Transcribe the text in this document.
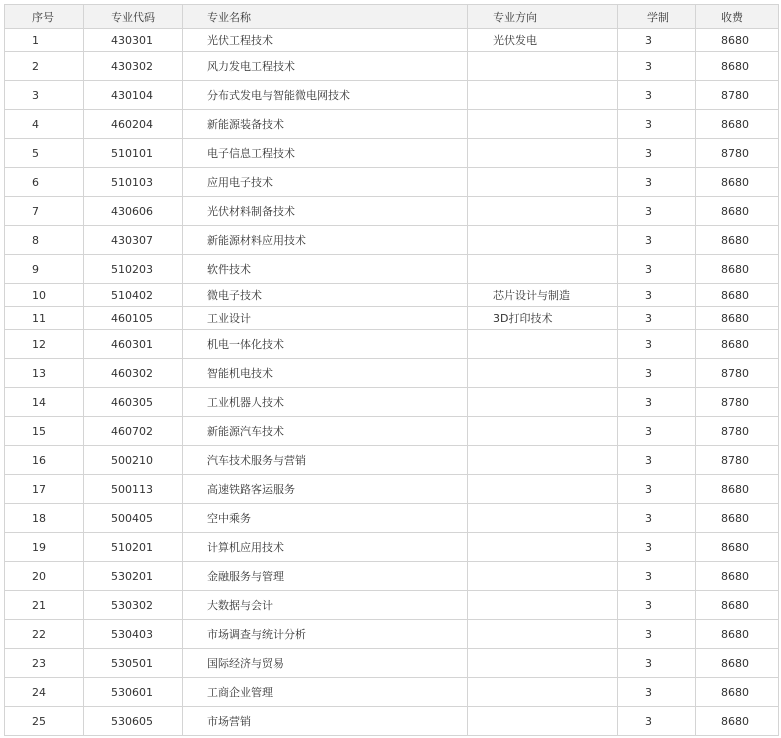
序号	专业代码	专业名称	专业方向	学制	收费
1	430301	光伏工程技术	光伏发电	3	8680
2	430302	风力发电工程技术		3	8680
3	430104	分布式发电与智能微电网技术		3	8780
4	460204	新能源装备技术		3	8680
5	510101	电子信息工程技术		3	8780
6	510103	应用电子技术		3	8680
7	430606	光伏材料制备技术		3	8680
8	430307	新能源材料应用技术		3	8680
9	510203	软件技术		3	8680
10	510402	微电子技术	芯片设计与制造	3	8680
11	460105	工业设计	3D打印技术	3	8680
12	460301	机电一体化技术		3	8680
13	460302	智能机电技术		3	8780
14	460305	工业机器人技术		3	8780
15	460702	新能源汽车技术		3	8780
16	500210	汽车技术服务与营销		3	8780
17	500113	高速铁路客运服务		3	8680
18	500405	空中乘务		3	8680
19	510201	计算机应用技术		3	8680
20	530201	金融服务与管理		3	8680
21	530302	大数据与会计		3	8680
22	530403	市场调查与统计分析		3	8680
23	530501	国际经济与贸易		3	8680
24	530601	工商企业管理		3	8680
25	530605	市场营销		3	8680
